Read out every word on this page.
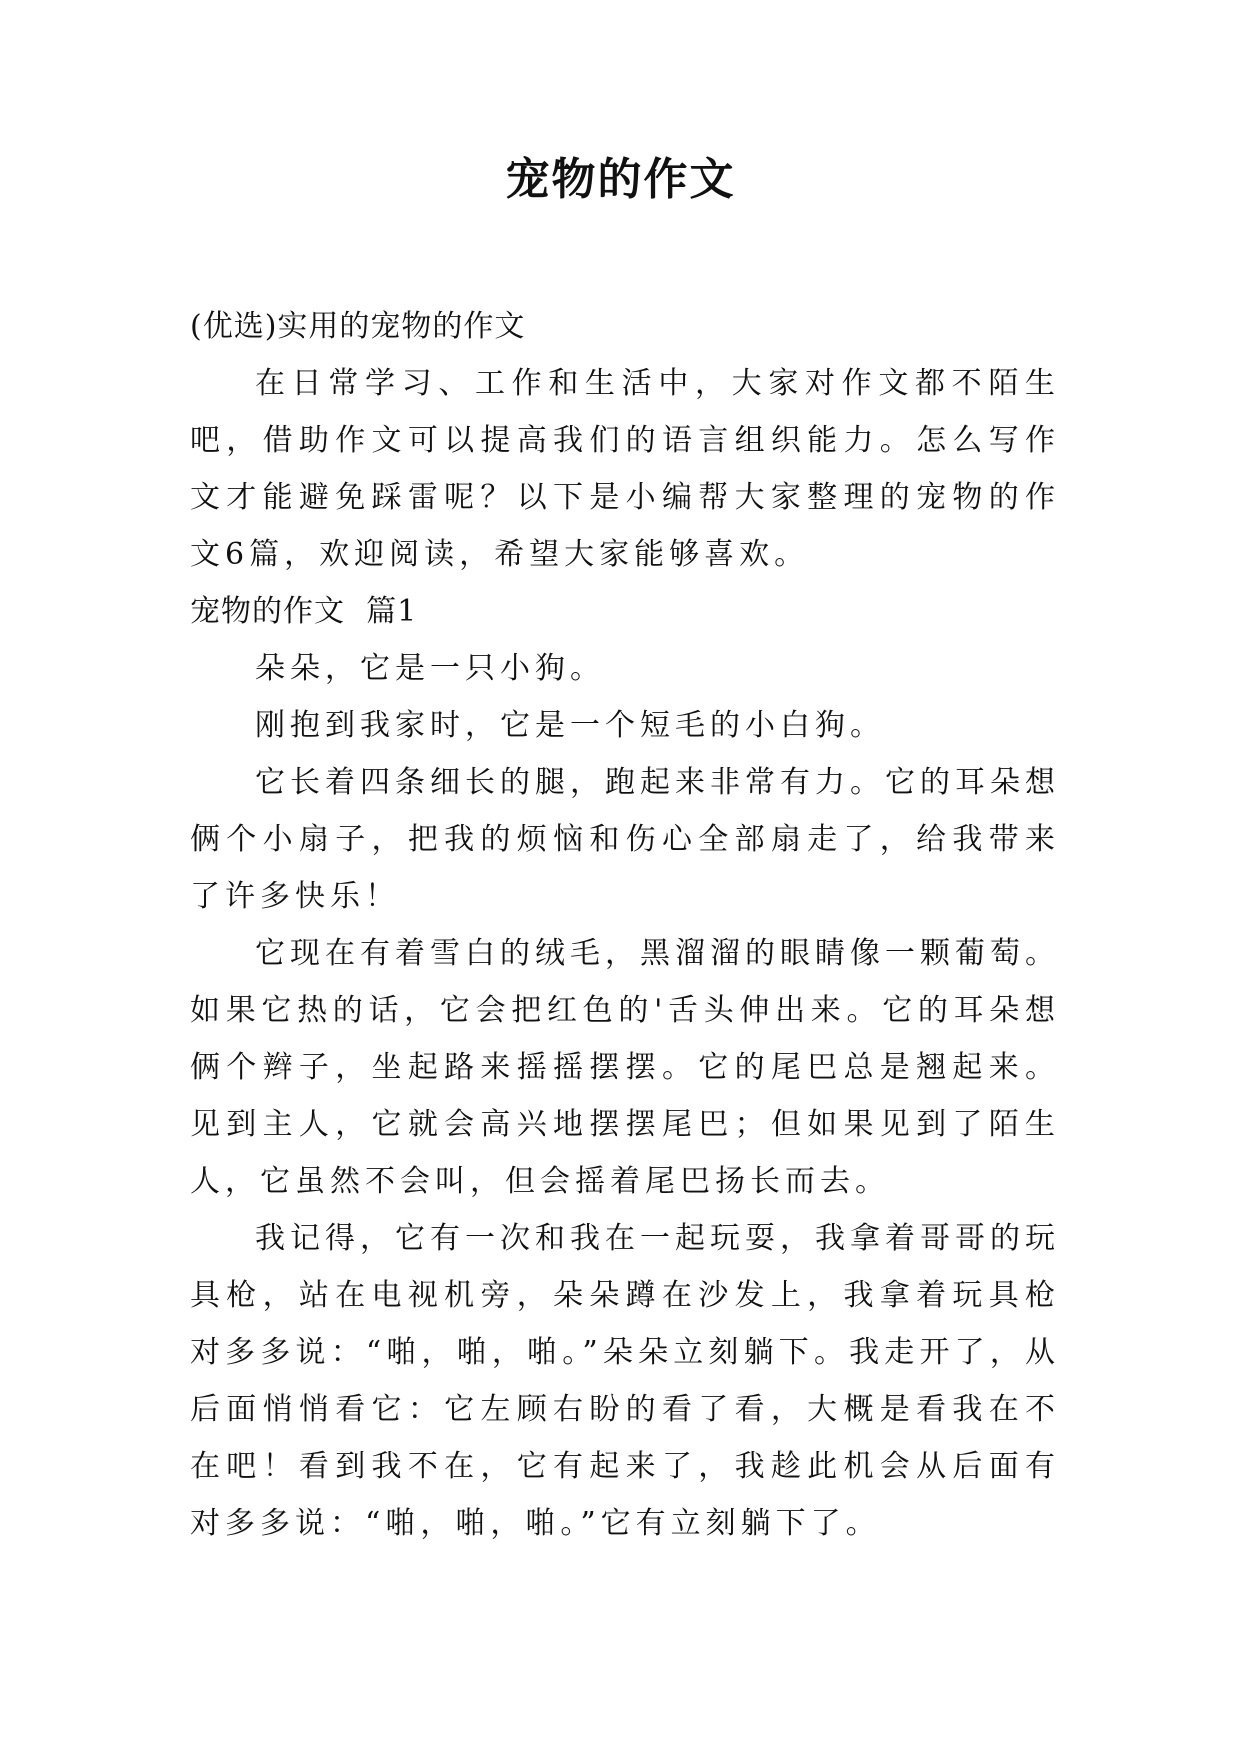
宠物的作文

(优选)实用的宠物的作文

在日常学习、工作和生活中，大家对作文都不陌生吧，借助作文可以提高我们的语言组织能力。怎么写作文才能避免踩雷呢？以下是小编帮大家整理的宠物的作文6篇，欢迎阅读，希望大家能够喜欢。

宠物的作文  篇1

朵朵，它是一只小狗。

刚抱到我家时，它是一个短毛的小白狗。

它长着四条细长的腿，跑起来非常有力。它的耳朵想俩个小扇子，把我的烦恼和伤心全部扇走了，给我带来了许多快乐！

它现在有着雪白的绒毛，黑溜溜的眼睛像一颗葡萄。如果它热的话，它会把红色的'舌头伸出来。它的耳朵想俩个辫子，坐起路来摇摇摆摆。它的尾巴总是翘起来。见到主人，它就会高兴地摆摆尾巴；但如果见到了陌生人，它虽然不会叫，但会摇着尾巴扬长而去。

我记得，它有一次和我在一起玩耍，我拿着哥哥的玩具枪，站在电视机旁，朵朵蹲在沙发上，我拿着玩具枪对多多说：“啪，啪，啪。”朵朵立刻躺下。我走开了，从后面悄悄看它：它左顾右盼的看了看，大概是看我在不在吧！看到我不在，它有起来了，我趁此机会从后面有对多多说：“啪，啪，啪。”它有立刻躺下了。
